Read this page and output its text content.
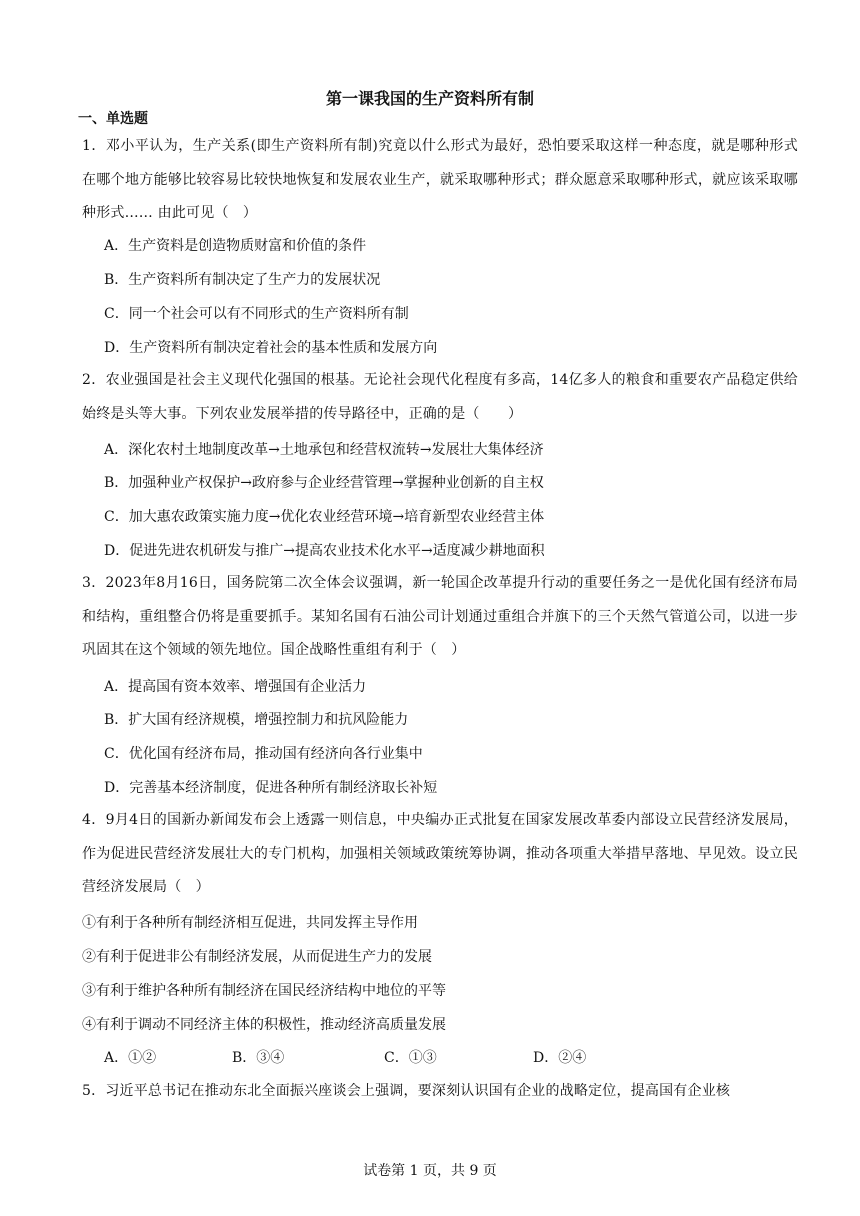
第一课我国的生产资料所有制
一、单选题
1．邓小平认为，生产关系(即生产资料所有制)究竟以什么形式为最好，恐怕要采取这样一种态度，就是哪种形式在哪个地方能够比较容易比较快地恢复和发展农业生产，就采取哪种形式；群众愿意采取哪种形式，就应该采取哪种形式…… 由此可见（　）
A．生产资料是创造物质财富和价值的条件
B．生产资料所有制决定了生产力的发展状况
C．同一个社会可以有不同形式的生产资料所有制
D．生产资料所有制决定着社会的基本性质和发展方向
2．农业强国是社会主义现代化强国的根基。无论社会现代化程度有多高，14亿多人的粮食和重要农产品稳定供给始终是头等大事。下列农业发展举措的传导路径中，正确的是（　　）
A．深化农村土地制度改革→土地承包和经营权流转→发展壮大集体经济
B．加强种业产权保护→政府参与企业经营管理→掌握种业创新的自主权
C．加大惠农政策实施力度→优化农业经营环境→培育新型农业经营主体
D．促进先进农机研发与推广→提高农业技术化水平→适度减少耕地面积
3．2023年8月16日，国务院第二次全体会议强调，新一轮国企改革提升行动的重要任务之一是优化国有经济布局和结构，重组整合仍将是重要抓手。某知名国有石油公司计划通过重组合并旗下的三个天然气管道公司，以进一步巩固其在这个领域的领先地位。国企战略性重组有利于（　）
A．提高国有资本效率、增强国有企业活力
B．扩大国有经济规模，增强控制力和抗风险能力
C．优化国有经济布局，推动国有经济向各行业集中
D．完善基本经济制度，促进各种所有制经济取长补短
4．9月4日的国新办新闻发布会上透露一则信息，中央编办正式批复在国家发展改革委内部设立民营经济发展局，作为促进民营经济发展壮大的专门机构，加强相关领域政策统筹协调，推动各项重大举措早落地、早见效。设立民营经济发展局（　）
①有利于各种所有制经济相互促进，共同发挥主导作用
②有利于促进非公有制经济发展，从而促进生产力的发展
③有利于维护各种所有制经济在国民经济结构中地位的平等
④有利于调动不同经济主体的积极性，推动经济高质量发展
A．①②	B．③④	C．①③	D．②④
5．习近平总书记在推动东北全面振兴座谈会上强调，要深刻认识国有企业的战略定位，提高国有企业核
试卷第 1 页，共 9 页
